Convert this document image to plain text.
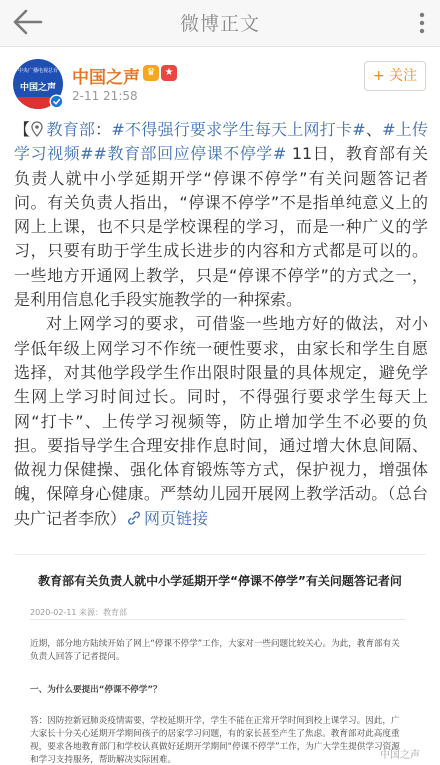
微博正文
中央广播电视总台
中国之声 中国之声 ♛ ★
2-11 21:58
+ 关注

【 教育部：#不得强行要求学生每天上网打卡#、#上传学习视频##教育部回应停课不停学# 11日，教育部有关负责人就中小学延期开学“停课不停学”有关问题答记者问。有关负责人指出，“停课不停学”不是指单纯意义上的网上上课，也不只是学校课程的学习，而是一种广义的学习，只要有助于学生成长进步的内容和方式都是可以的。一些地方开通网上教学，只是“停课不停学”的方式之一，是利用信息化手段实施教学的一种探索。

对上网学习的要求，可借鉴一些地方好的做法，对小学低年级上网学习不作统一硬性要求，由家长和学生自愿选择，对其他学段学生作出限时限量的具体规定，避免学生网上学习时间过长。同时，不得强行要求学生每天上网“打卡”、上传学习视频等，防止增加学生不必要的负担。要指导学生合理安排作息时间，通过增大休息间隔、做视力保健操、强化体育锻炼等方式，保护视力，增强体魄，保障身心健康。严禁幼儿园开展网上教学活动。（总台央广记者李欣） 网页链接

教育部有关负责人就中小学延期开学“停课不停学”有关问题答记者问
2020-02-11 来源：教育部
近期，部分地方陆续开始了网上“停课不停学”工作，大家对一些问题比较关心。为此，教育部有关负责人回答了记者提问。
一、为什么要提出“停课不停学”？
答：因防控新冠肺炎疫情需要，学校延期开学，学生不能在正常开学时间到校上课学习。因此，广大家长十分关心延期开学期间孩子的居家学习问题，有的家长甚至产生了焦虑。教育部对此高度重视，要求各地教育部门和学校认真做好延期开学期间“停课不停学”工作，为广大学生提供学习资源和学习支持服务，帮助解决实际困难。	中国之声
